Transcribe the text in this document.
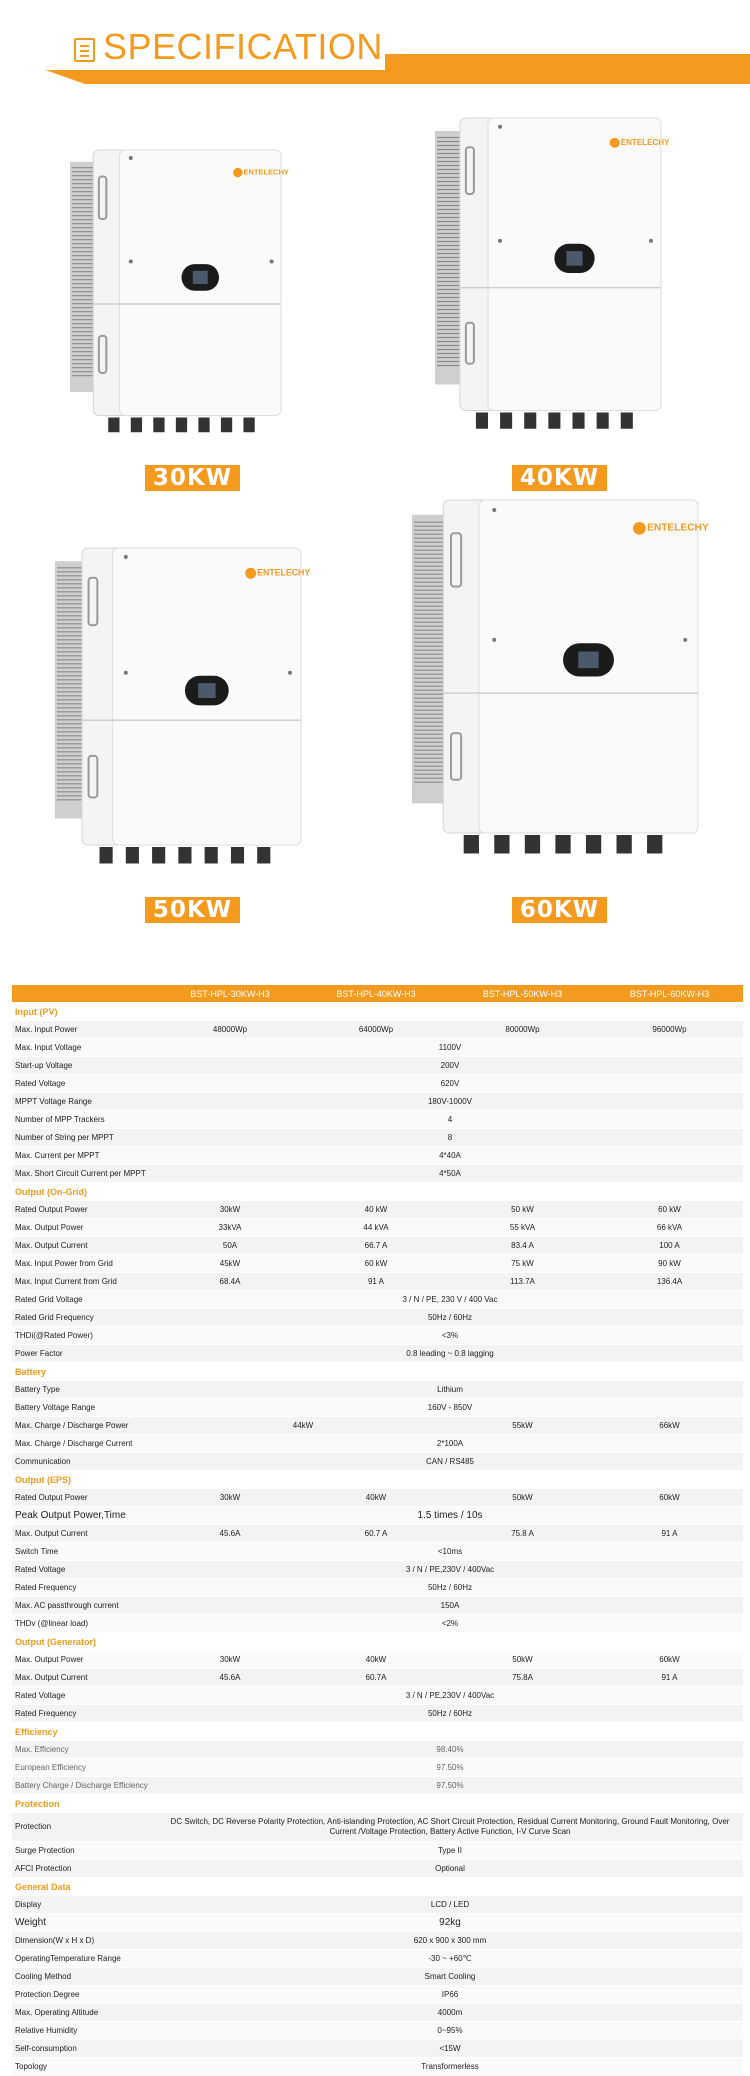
SPECIFICATION
ENTELECHY
ENTELECHY
ENTELECHY
ENTELECHY
30KW	40KW
50KW	60KW
	BST-HPL-30KW-H3	BST-HPL-40KW-H3	BST-HPL-50KW-H3	BST-HPL-60KW-H3
Input (PV)				
Max. Input Power	48000Wp	64000Wp	80000Wp	96000Wp
Max. Input Voltage	1100V			
Start-up Voltage	200V			
Rated Voltage	620V			
MPPT Voltage Range	180V-1000V			
Number of MPP Trackers	4			
Number of String per MPPT	8			
Max. Current per MPPT	4*40A			
Max. Short Circuit Current per MPPT	4*50A			
Output (On-Grid)				
Rated Output Power	30kW	40 kW	50 kW	60 kW
Max. Output Power	33kVA	44 kVA	55 kVA	66 kVA
Max. Output Current	50A	66.7 A	83.4 A	100 A
Max. Input Power from Grid	45kW	60 kW	75 kW	90 kW
Max. Input Current from Grid	68.4A	91 A	113.7A	136.4A
Rated Grid Voltage	3 / N / PE, 230 V / 400 Vac			
Rated Grid Frequency	50Hz / 60Hz			
THDi(@Rated Power)	<3%			
Power Factor	0.8 leading ~ 0.8 lagging			
Battery				
Battery Type	Lithium			
Battery Voltage Range	160V - 850V			
Max. Charge / Discharge Power	44kW		55kW	66kW
Max. Charge / Discharge Current	2*100A			
Communication	CAN / RS485			
Output (EPS)				
Rated Output Power	30kW	40kW	50kW	60kW
Peak Output Power,Time	1.5 times / 10s			
Max. Output Current	45.6A	60.7 A	75.8 A	91 A
Switch Time	<10ms			
Rated Voltage	3 / N / PE,230V / 400Vac			
Rated Frequency	50Hz / 60Hz			
Max. AC passthrough current	150A			
THDv (@linear load)	<2%			
Output (Generator)				
Max. Output Power	30kW	40kW	50kW	60kW
Max. Output Current	45.6A	60.7A	75.8A	91 A
Rated Voltage	3 / N / PE,230V / 400Vac			
Rated Frequency	50Hz / 60Hz			
Efficiency				
Max. Efficiency	98.40%			
European Efficiency	97.50%			
Battery Charge / Discharge Efficiency	97.50%			
Protection				
Protection	DC Switch, DC Reverse Polarity Protection, Anti-islanding Protection, AC Short Circuit Protection, Residual Current Monitoring, Ground Fault Monitoring, Over Current /Voltage Protection, Battery Active Function, I-V Curve Scan			
Surge Protection	Type II			
AFCI Protection	Optional			
General Data				
Display	LCD / LED			
Weight	92kg			
Dimension(W x H x D)	620 x 900 x 300 mm			
OperatingTemperature Range	-30 ~ +60℃			
Cooling Method	Smart Cooling			
Protection Degree	IP66			
Max. Operating Altitude	4000m			
Relative Humidity	0~95%			
Self-consumption	<15W			
Topology	Transformerless			
